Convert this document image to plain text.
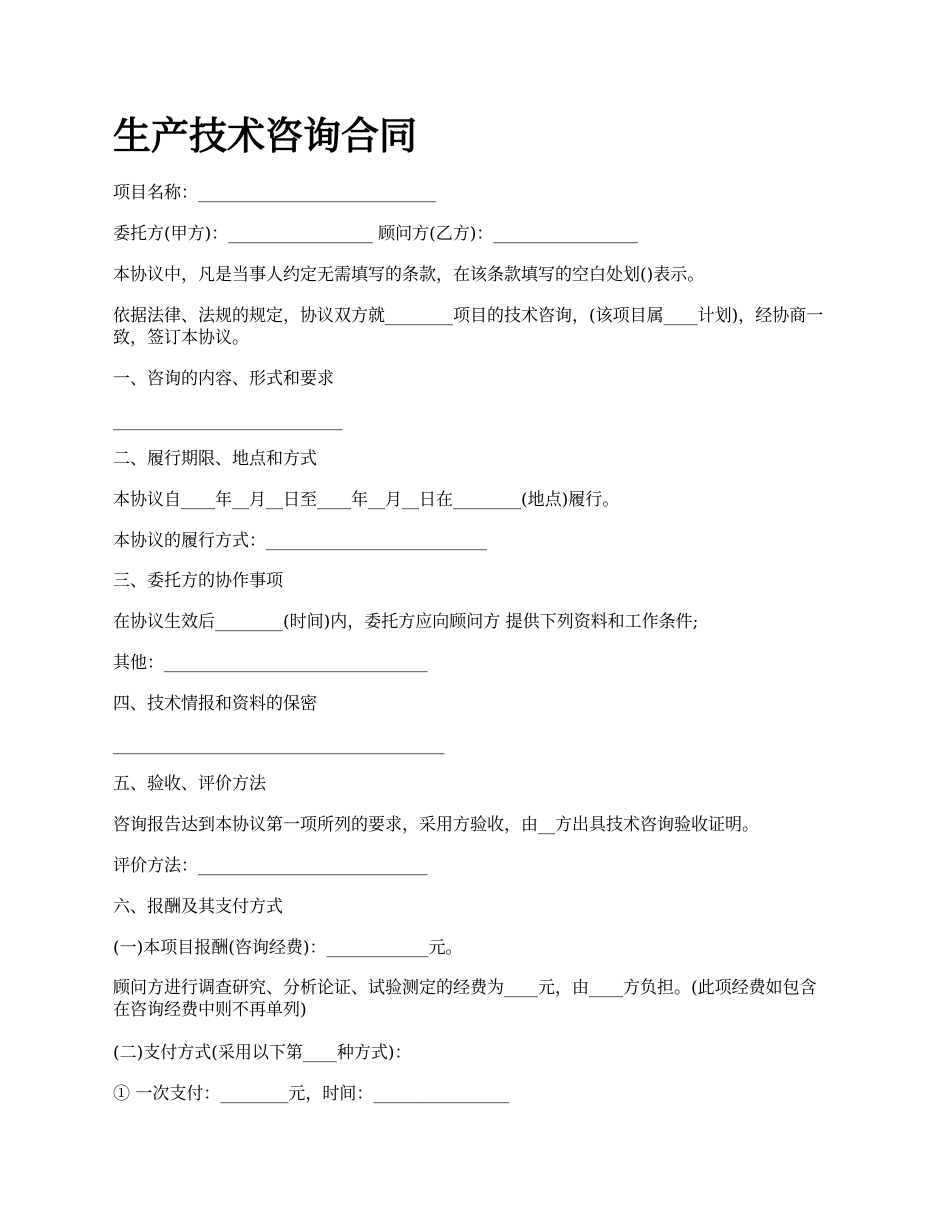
生产技术咨询合同
项目名称：____________________________
委托方(甲方)：_________________ 顾问方(乙方)：_________________
本协议中，凡是当事人约定无需填写的条款，在该条款填写的空白处划()表示。
依据法律、法规的规定，协议双方就________项目的技术咨询，(该项目属____计划)，经协商一致，签订本协议。
一、咨询的内容、形式和要求
___________________________
二、履行期限、地点和方式
本协议自____年__月__日至____年__月__日在________(地点)履行。
本协议的履行方式：__________________________
三、委托方的协作事项
在协议生效后________(时间)内，委托方应向顾问方 提供下列资料和工作条件;
其他：_______________________________
四、技术情报和资料的保密
_______________________________________
五、验收、评价方法
咨询报告达到本协议第一项所列的要求，采用方验收，由__方出具技术咨询验收证明。
评价方法：___________________________
六、报酬及其支付方式
(一)本项目报酬(咨询经费)：____________元。
顾问方进行调查研究、分析论证、试验测定的经费为____元，由____方负担。(此项经费如包含在咨询经费中则不再单列)
(二)支付方式(采用以下第____种方式)：
① 一次支付：________元，时间：________________
